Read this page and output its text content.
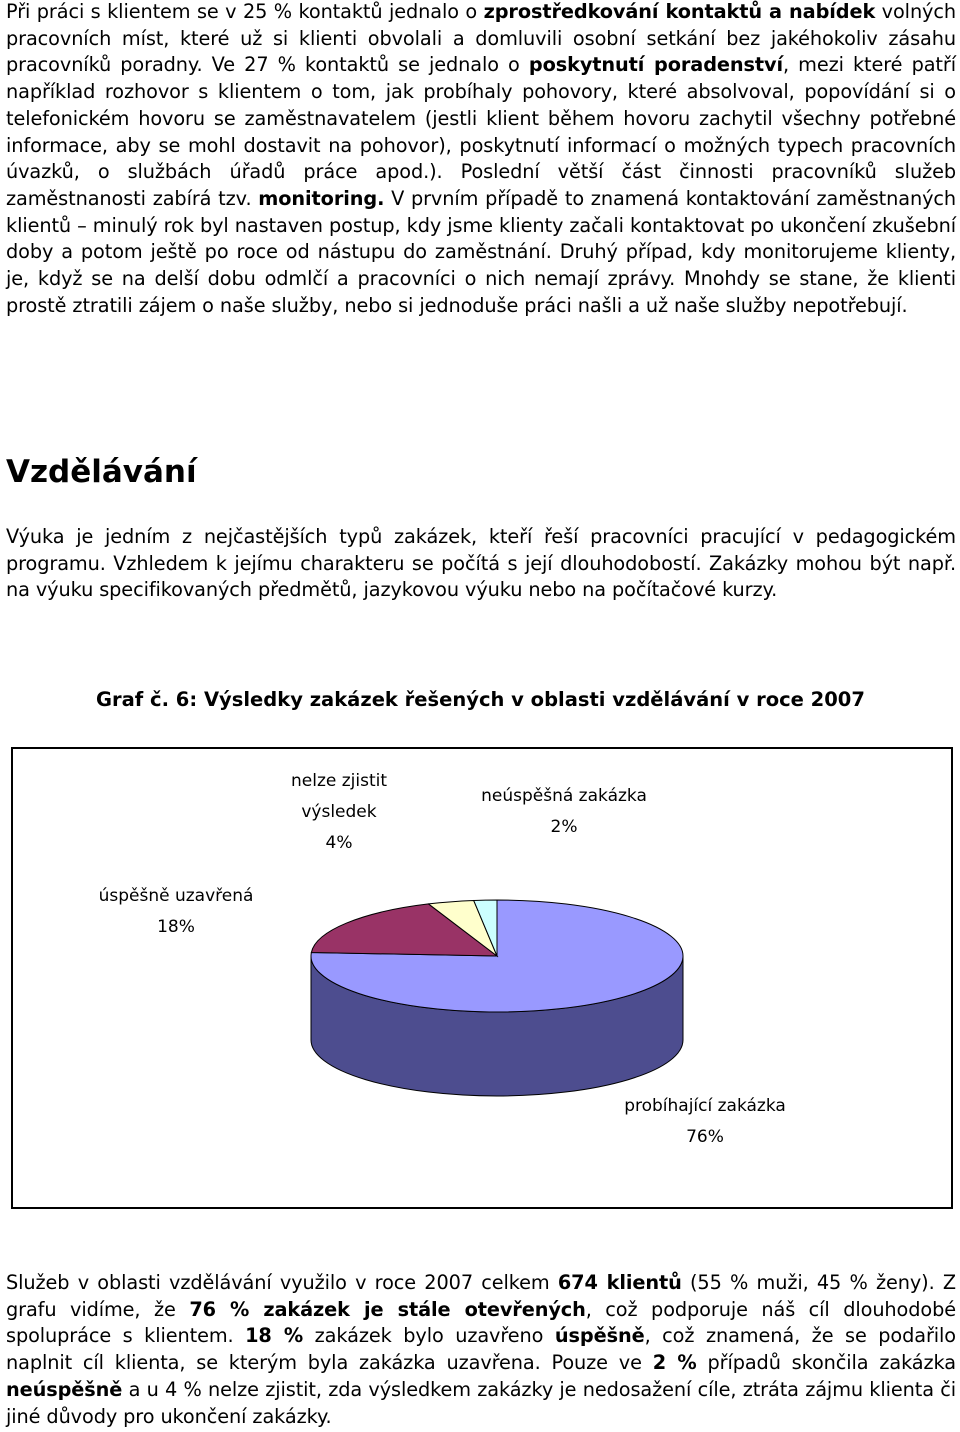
Při práci s klientem se v 25 % kontaktů jednalo o zprostředkování kontaktů a nabídek volných pracovních míst, které už si klienti obvolali a domluvili osobní setkání bez jakéhokoliv zásahu pracovníků poradny. Ve 27 % kontaktů se jednalo o poskytnutí poradenství, mezi které patří například rozhovor s klientem o tom, jak probíhaly pohovory, které absolvoval, popovídání si o telefonickém hovoru se zaměstnavatelem (jestli klient během hovoru zachytil všechny potřebné informace, aby se mohl dostavit na pohovor), poskytnutí informací o možných typech pracovních úvazků, o službách úřadů práce apod.). Poslední větší část činnosti pracovníků služeb zaměstnanosti zabírá tzv. monitoring. V prvním případě to znamená kontaktování zaměstnaných klientů – minulý rok byl nastaven postup, kdy jsme klienty začali kontaktovat po ukončení zkušební doby a potom ještě po roce od nástupu do zaměstnání. Druhý případ, kdy monitorujeme klienty, je, když se na delší dobu odmlčí a pracovníci o nich nemají zprávy. Mnohdy se stane, že klienti prostě ztratili zájem o naše služby, nebo si jednoduše práci našli a už naše služby nepotřebují.

Vzdělávání

Výuka je jedním z nejčastějších typů zakázek, kteří řeší pracovníci pracující v pedagogickém programu. Vzhledem k jejímu charakteru se počítá s její dlouhodobostí. Zakázky mohou být např. na výuku specifikovaných předmětů, jazykovou výuku nebo na počítačové kurzy.

Graf č. 6: Výsledky zakázek řešených v oblasti vzdělávání v roce 2007
probíhající zakázka 76%
úspěšně uzavřená 18%
nelze zjistit výsledek 4%
neúspěšná zakázka 2%

Služeb v oblasti vzdělávání využilo v roce 2007 celkem 674 klientů (55 % muži, 45 % ženy). Z grafu vidíme, že 76 % zakázek je stále otevřených, což podporuje náš cíl dlouhodobé spolupráce s klientem. 18 % zakázek bylo uzavřeno úspěšně, což znamená, že se podařilo naplnit cíl klienta, se kterým byla zakázka uzavřena. Pouze ve 2 % případů skončila zakázka neúspěšně a u 4 % nelze zjistit, zda výsledkem zakázky je nedosažení cíle, ztráta zájmu klienta či jiné důvody pro ukončení zakázky.
